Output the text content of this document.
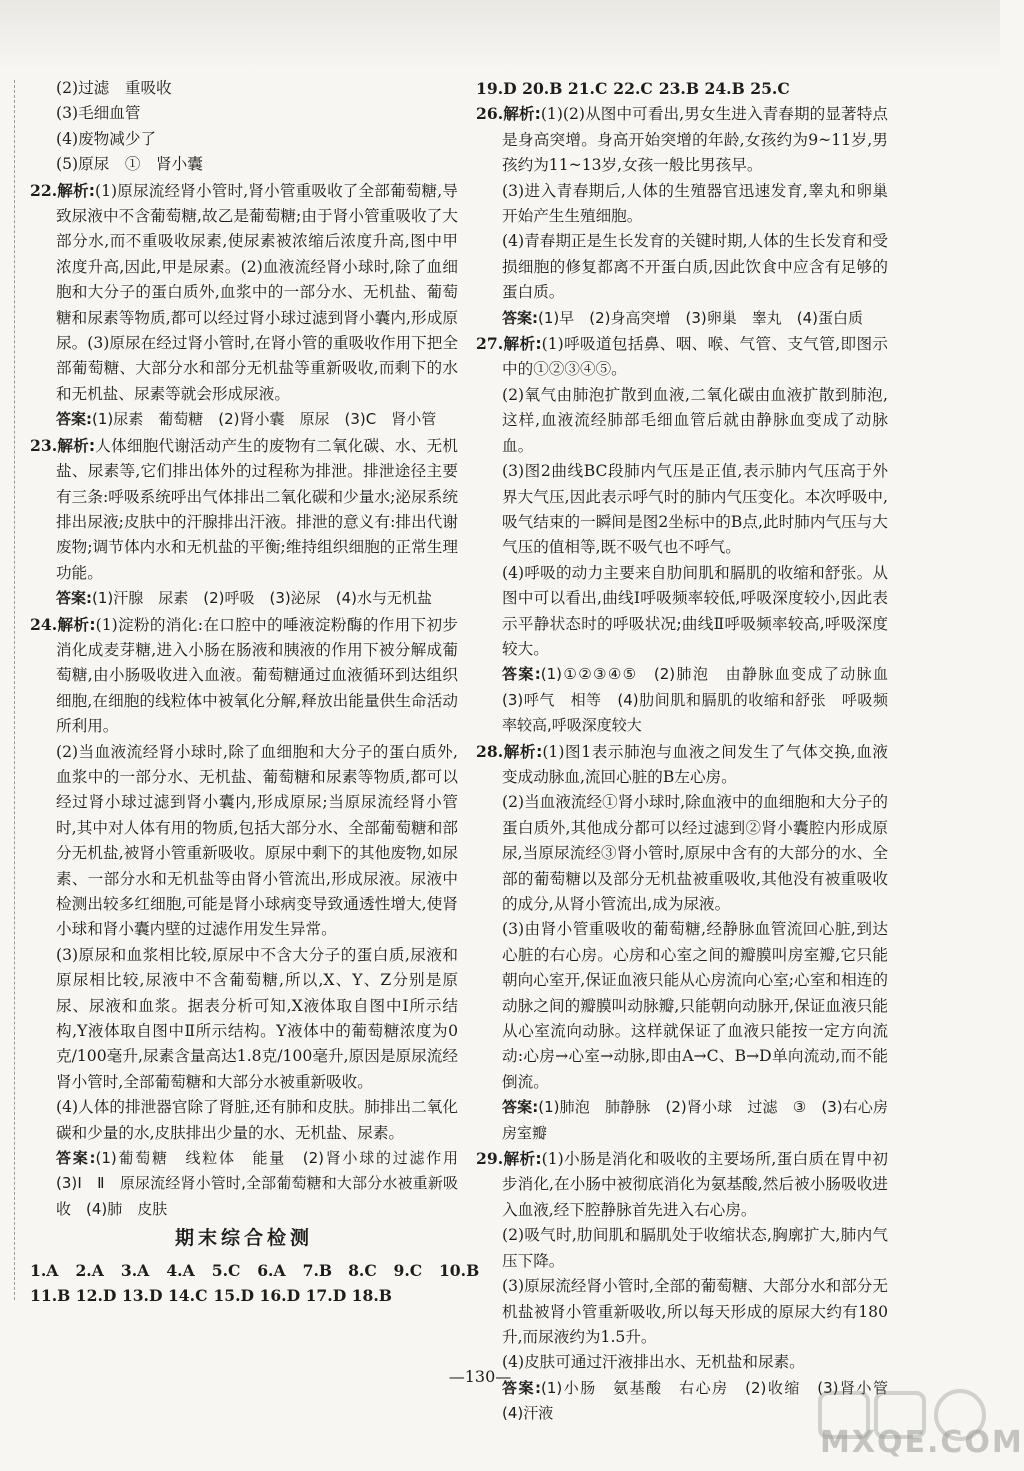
(2)过滤　重吸收

(3)毛细血管

(4)废物减少了

(5)原尿　①　肾小囊

22.解析:(1)原尿流经肾小管时,肾小管重吸收了全部葡萄糖,导致尿液中不含葡萄糖,故乙是葡萄糖;由于肾小管重吸收了大部分水,而不重吸收尿素,使尿素被浓缩后浓度升高,图中甲浓度升高,因此,甲是尿素。(2)血液流经肾小球时,除了血细胞和大分子的蛋白质外,血浆中的一部分水、无机盐、葡萄糖和尿素等物质,都可以经过肾小球过滤到肾小囊内,形成原尿。(3)原尿在经过肾小管时,在肾小管的重吸收作用下把全部葡萄糖、大部分水和部分无机盐等重新吸收,而剩下的水和无机盐、尿素等就会形成尿液。

答案:(1)尿素　葡萄糖　(2)肾小囊　原尿　(3)C　肾小管

23.解析:人体细胞代谢活动产生的废物有二氧化碳、水、无机盐、尿素等,它们排出体外的过程称为排泄。排泄途径主要有三条:呼吸系统呼出气体排出二氧化碳和少量水;泌尿系统排出尿液;皮肤中的汗腺排出汗液。排泄的意义有:排出代谢废物;调节体内水和无机盐的平衡;维持组织细胞的正常生理功能。

答案:(1)汗腺　尿素　(2)呼吸　(3)泌尿　(4)水与无机盐

24.解析:(1)淀粉的消化:在口腔中的唾液淀粉酶的作用下初步消化成麦芽糖,进入小肠在肠液和胰液的作用下被分解成葡萄糖,由小肠吸收进入血液。葡萄糖通过血液循环到达组织细胞,在细胞的线粒体中被氧化分解,释放出能量供生命活动所利用。

(2)当血液流经肾小球时,除了血细胞和大分子的蛋白质外,血浆中的一部分水、无机盐、葡萄糖和尿素等物质,都可以经过肾小球过滤到肾小囊内,形成原尿;当原尿流经肾小管时,其中对人体有用的物质,包括大部分水、全部葡萄糖和部分无机盐,被肾小管重新吸收。原尿中剩下的其他废物,如尿素、一部分水和无机盐等由肾小管流出,形成尿液。尿液中检测出较多红细胞,可能是肾小球病变导致通透性增大,使肾小球和肾小囊内壁的过滤作用发生异常。

(3)原尿和血浆相比较,原尿中不含大分子的蛋白质,尿液和原尿相比较,尿液中不含葡萄糖,所以,X、Y、Z分别是原尿、尿液和血浆。据表分析可知,X液体取自图中Ⅰ所示结构,Y液体取自图中Ⅱ所示结构。Y液体中的葡萄糖浓度为0克/100毫升,尿素含量高达1.8克/100毫升,原因是原尿流经肾小管时,全部葡萄糖和大部分水被重新吸收。

(4)人体的排泄器官除了肾脏,还有肺和皮肤。肺排出二氧化碳和少量的水,皮肤排出少量的水、无机盐、尿素。

答案:(1)葡萄糖　线粒体　能量　(2)肾小球的过滤作用　(3)Ⅰ　Ⅱ　原尿流经肾小管时,全部葡萄糖和大部分水被重新吸收　(4)肺　皮肤

期末综合检测
1.A 2.A 3.A 4.A 5.C 6.A 7.B 8.C 9.C 10.B
11.B 12.D 13.D 14.C 15.D 16.D 17.D 18.B
19.D 20.B 21.C 22.C 23.B 24.B 25.C

26.解析:(1)(2)从图中可看出,男女生进入青春期的显著特点是身高突增。身高开始突增的年龄,女孩约为9~11岁,男孩约为11~13岁,女孩一般比男孩早。

(3)进入青春期后,人体的生殖器官迅速发育,睾丸和卵巢开始产生生殖细胞。

(4)青春期正是生长发育的关键时期,人体的生长发育和受损细胞的修复都离不开蛋白质,因此饮食中应含有足够的蛋白质。

答案:(1)早　(2)身高突增　(3)卵巢　睾丸　(4)蛋白质

27.解析:(1)呼吸道包括鼻、咽、喉、气管、支气管,即图示中的①②③④⑤。

(2)氧气由肺泡扩散到血液,二氧化碳由血液扩散到肺泡,这样,血液流经肺部毛细血管后就由静脉血变成了动脉血。

(3)图2曲线BC段肺内气压是正值,表示肺内气压高于外界大气压,因此表示呼气时的肺内气压变化。本次呼吸中,吸气结束的一瞬间是图2坐标中的B点,此时肺内气压与大气压的值相等,既不吸气也不呼气。

(4)呼吸的动力主要来自肋间肌和膈肌的收缩和舒张。从图中可以看出,曲线Ⅰ呼吸频率较低,呼吸深度较小,因此表示平静状态时的呼吸状况;曲线Ⅱ呼吸频率较高,呼吸深度较大。

答案:(1)①②③④⑤　(2)肺泡　由静脉血变成了动脉血　(3)呼气　相等　(4)肋间肌和膈肌的收缩和舒张　呼吸频率较高,呼吸深度较大

28.解析:(1)图1表示肺泡与血液之间发生了气体交换,血液变成动脉血,流回心脏的B左心房。

(2)当血液流经①肾小球时,除血液中的血细胞和大分子的蛋白质外,其他成分都可以经过滤到②肾小囊腔内形成原尿,当原尿流经③肾小管时,原尿中含有的大部分的水、全部的葡萄糖以及部分无机盐被重吸收,其他没有被重吸收的成分,从肾小管流出,成为尿液。

(3)由肾小管重吸收的葡萄糖,经静脉血管流回心脏,到达心脏的右心房。心房和心室之间的瓣膜叫房室瓣,它只能朝向心室开,保证血液只能从心房流向心室;心室和相连的动脉之间的瓣膜叫动脉瓣,只能朝向动脉开,保证血液只能从心室流向动脉。这样就保证了血液只能按一定方向流动:心房→心室→动脉,即由A→C、B→D单向流动,而不能倒流。

答案:(1)肺泡　肺静脉　(2)肾小球　过滤　③　(3)右心房　房室瓣

29.解析:(1)小肠是消化和吸收的主要场所,蛋白质在胃中初步消化,在小肠中被彻底消化为氨基酸,然后被小肠吸收进入血液,经下腔静脉首先进入右心房。

(2)吸气时,肋间肌和膈肌处于收缩状态,胸廓扩大,肺内气压下降。

(3)原尿流经肾小管时,全部的葡萄糖、大部分水和部分无机盐被肾小管重新吸收,所以每天形成的原尿大约有180升,而尿液约为1.5升。

(4)皮肤可通过汗液排出水、无机盐和尿素。

答案:(1)小肠　氨基酸　右心房　(2)收缩　(3)肾小管　(4)汗液

—130—
MXQE.COM
